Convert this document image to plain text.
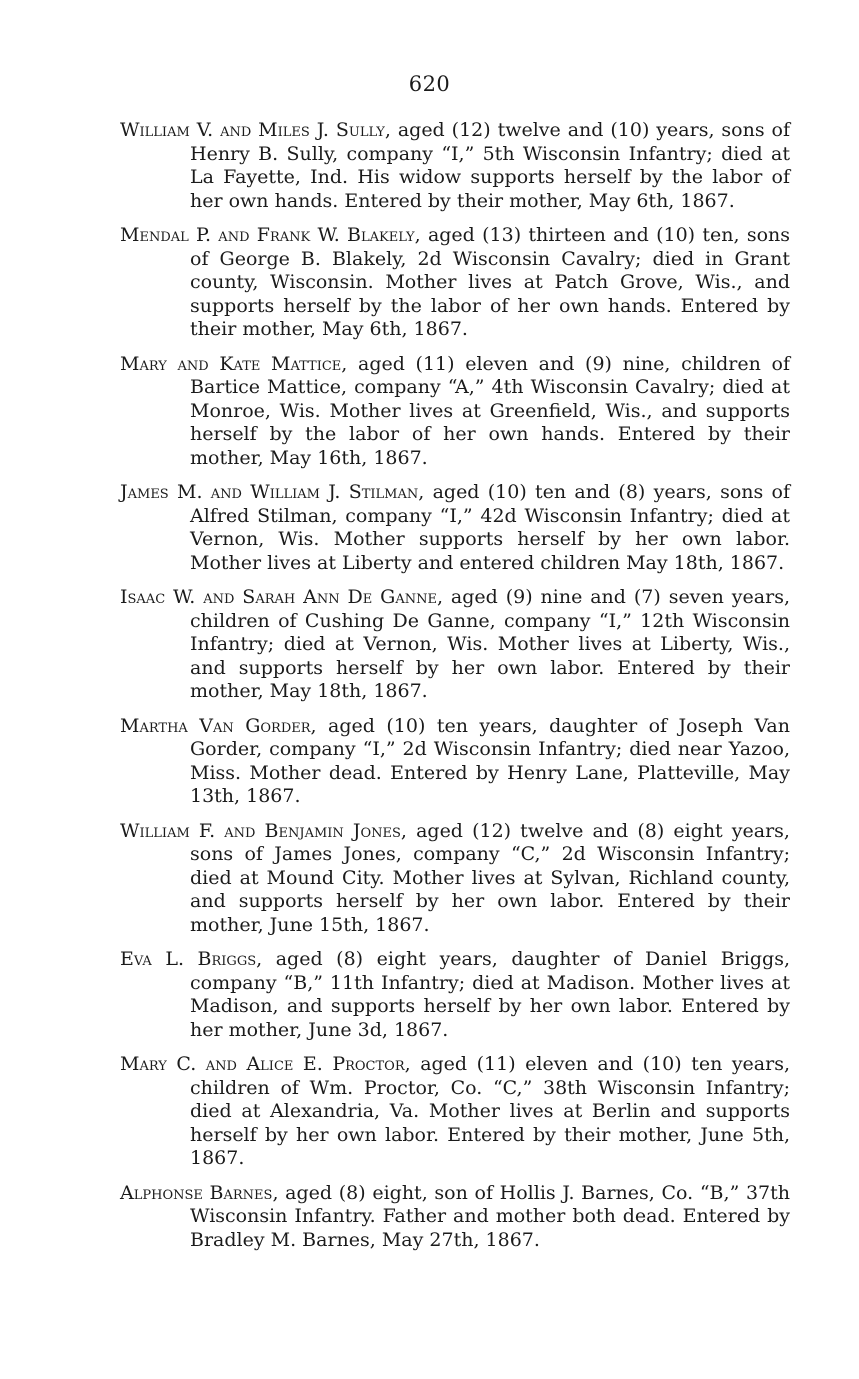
620

William V. and Miles J. Sully, aged (12) twelve and (10) years, sons of Henry B. Sully, company “I,” 5th Wisconsin Infantry; died at La Fayette, Ind. His widow supports herself by the labor of her own hands. Entered by their mother, May 6th, 1867.

Mendal P. and Frank W. Blakely, aged (13) thirteen and (10) ten, sons of George B. Blakely, 2d Wisconsin Cavalry; died in Grant county, Wisconsin. Mother lives at Patch Grove, Wis., and supports herself by the labor of her own hands. Entered by their mother, May 6th, 1867.

Mary and Kate Mattice, aged (11) eleven and (9) nine, children of Bartice Mattice, company “A,” 4th Wisconsin Cavalry; died at Monroe, Wis. Mother lives at Greenfield, Wis., and supports herself by the labor of her own hands. Entered by their mother, May 16th, 1867.

James M. and William J. Stilman, aged (10) ten and (8) years, sons of Alfred Stilman, company “I,” 42d Wisconsin Infantry; died at Vernon, Wis. Mother supports herself by her own labor. Mother lives at Liberty and entered children May 18th, 1867.

Isaac W. and Sarah Ann De Ganne, aged (9) nine and (7) seven years, children of Cushing De Ganne, company “I,” 12th Wisconsin Infantry; died at Vernon, Wis. Mother lives at Liberty, Wis., and supports herself by her own labor. Entered by their mother, May 18th, 1867.

Martha Van Gorder, aged (10) ten years, daughter of Joseph Van Gorder, company “I,” 2d Wisconsin Infantry; died near Yazoo, Miss. Mother dead. Entered by Henry Lane, Platteville, May 13th, 1867.

William F. and Benjamin Jones, aged (12) twelve and (8) eight years, sons of James Jones, company “C,” 2d Wisconsin Infantry; died at Mound City. Mother lives at Sylvan, Richland county, and supports herself by her own labor. Entered by their mother, June 15th, 1867.

Eva L. Briggs, aged (8) eight years, daughter of Daniel Briggs, company “B,” 11th Infantry; died at Madison. Mother lives at Madison, and supports herself by her own labor. Entered by her mother, June 3d, 1867.

Mary C. and Alice E. Proctor, aged (11) eleven and (10) ten years, children of Wm. Proctor, Co. “C,” 38th Wisconsin Infantry; died at Alexandria, Va. Mother lives at Berlin and supports herself by her own labor. Entered by their mother, June 5th, 1867.

Alphonse Barnes, aged (8) eight, son of Hollis J. Barnes, Co. “B,” 37th Wisconsin Infantry. Father and mother both dead. Entered by Bradley M. Barnes, May 27th, 1867.
